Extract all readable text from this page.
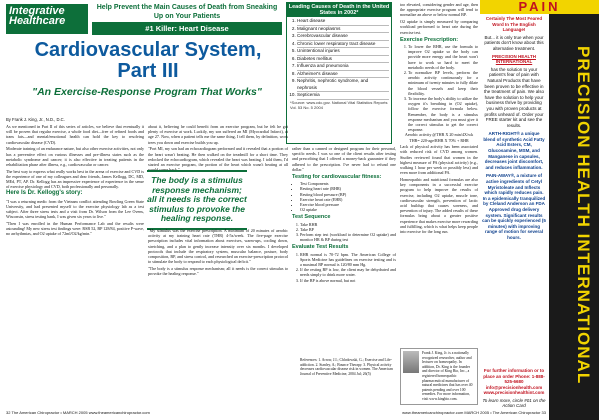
Integrative
Healthcare
Help Prevent the Main Causes of Death from Sneaking Up on Your Patients
#1 Killer: Heart Disease
Leading Causes of Death in the United States in 2002*
1. Heart disease
2. Malignant neoplasms
3. Cerebrovascular disease
4. Chronic lower respiratory tract disease
5. Unintentional injuries
6. Diabetes mellitus
7. Influenza and pneumonia
8. Alzheimer's disease
9. Nephritis, nephrotic syndrome, and nephrosis
10. Septicemia
*Source: www.cdc.gov. National Vital Statistics Reports Vol. 53 No. 5 2004
Cardiovascular System, Part III
"An Exercise-Response Program That Works"
By Frank J. King, Jr., N.D., D.C.

As we mentioned in Part II of this series of articles, we believe that eventually it will be proven that regular exercise, a whole food diet—free of refined foods and trans fats—and mental/emotional health can hold the key to resolving cardiovascular disease (CVD).

Moderate training of an endurance nature, but also other exercise activities, not only has a preventive effect on various illnesses and pre-illness states such as the metabolic syndrome and cancer; it is also effective in treating patients in the rehabilitation phase after illness, e.g., cardiovascular or cancer.

The best way to express what really works best in the arena of exercise and CVD is the experience of one of my colleagues and dear friends, James Kellogg, DC, MD, MEd, PT, AP. Dr. Kellogg has an impressive experience of experience in the sense of exercise physiology and CVD, both professionally and personally.

Here Is Dr. Kellogg's story:

"I was a returning medic from the Vietnam conflict attending Bowling Green State University, and had presented myself to the exercise physiology lab as a test subject. After three stress tests and a visit from Dr. Wilson from the Lee Ovens, Wisconsin, stress testing bank, I was given six years to live."

"Then I was enrolled in the Human Performance Lab and the results were astounding! My new stress test findings were: RSB 52, BP 128/84, positive P-wave, no arrhythmias, and O2 uptake of 72ml/O2/kg/min."

about it, believing he could benefit from an exercise program, but he felt he got plenty of exercise at work. Luckily, my son suffered an MI (Myocardial Infarct), at age 27. Now, when a patient tells me the same thing, I tell them, by definition, work trees you down and exercise builds you up.

"Port MI, my son had an echocardiogram performed and it revealed that a portion of the heart wasn't beating. He then walked on the treadmill for a short time. They redocked the echocardiogram, which revealed the heart was beating. I told them, I'd started an exercise program, the portion of the heart which wasn't beating at all would come back."

The body is a stimulus response mechanism; all it needs is the correct stimulus to provoke the healing response.

"My stimulus was the exercise prescription. A minimum of 20 minutes of aerobic activity at my training heart rate (THR) 4-5x/week. The five-page exercise prescription includes vital information about exercises, warm-ups, cooling down, stretching, and a plan to gently increase intensity over six months. I developed protocols that include the respiratory system, muscular balance, posture, body composition, BP, and stress control, and researched an exercise-prescription protocol to stimulate the body to respond to each physiological deficit."

"The body is a stimulus response mechanism; all it needs is the correct stimulus to provoke the healing response."

rather than a canned or designed program for their personal, specific needs. I was so one of the client results after testing and prescribing that I offered a money-back guarantee if they adhered to the prescription. I've never had to refund one dollar."

Testing for cardiovascular fitness:
• Test Components
• Resting heart rate (RHR)
• Resting blood pressure (BP)
• Exercise heart rate (EHR)
• Exercise blood pressure
• O2 uptake
Test Sequence
1. Take RHR
2. Take BP
3. Perform step test (workload to determine O2 uptake) and monitor HR & BP during test
Evaluate Test Results
1. RHR normal is 70-72 bpm. The American College of Sports Medicine has guidelines on exercise testing and is a maximal BP normal is 120/80 mm Hg.
2. If the resting BP is low, the client may be dehydrated and needs simply to drink more water.
3. If the BP is above normal, but not
References: 1. Arrow, J.I.; Chlodowski, G.; Exercise and Life-addiction. 2. Stanley, A.; Bounce Therapy. 3. Physical activity decreases cardiovascular disease risk in women. The American Journal of Preventive Medicine, 2004 Jul; 26(5)

too elevated, considering gender and age, then the appropriate exercise program will tend to normalize an above or below normal BP.

O2 uptake is simply measured by comparing workload performed to heart rate during the exercise test.

Exercise Prescription:
1. To lower the RHR, use the formula to improve O2 uptake so the body can provide more energy and the heart won't have to work so hard to meet the metabolic needs of the body.
2. To normalize BP levels, perform the aerobic activity continuously for a minimum of twenty minutes to fully dilate the blood vessels and keep their flexibility.
3. To increase the body's ability to utilize the oxygen it's breathing in (O2 uptake), follow the exercise formula below. Remember, the body is a stimulus response mechanism and you must give it the correct stimulus to get the correct response.

Aerobic activity @THR X 20 min/4X/wk THR= 220-age/RHR X 70% + RHR

Lack of physical activity has been associated with reduced risk of CVD among women. Studies reviewed found that women in the highest measure of PA (physical activity) (e.g., walking 1 hour per week or possibly less) and even more from additional PA.

Homeopathic and nutritional formulas are also key components in a successful exercise program to help improve the results of exercise, including O2 uptake, muscle tone, cardiovascular strength, prevention of lactic acid buildup that causes soreness, and prevention of injury. The added results of these formulas bring about a greater positive experience that makes exercise more rewarding and fulfilling, which is what helps keep people into exercise for the long run.

Frank J. King, Jr. is a nationally recognized researcher, author and lecturer on homeopathy. In addition, Dr. King is the founder and director of King Bio, Inc., a registered homeopathic pharmaceutical manufacturer of natural medicines that has over 40 patents pending and over 100 remedies. For more information, visit www.kingbio.com.
PAIN
Certainly The Most Feared Word In The English Language!
But... it is only true when your patients don't know about this alternative treatment.
PRECISION HEALTH INTERNATIONAL
has the solution to your patient's fear of pain with Natural Products that have been proven to be effective in the treatment of pain. We also have the solution to help your business thrive by providing you with proven products at profits unheard of. Order your FREE starter kit and see the results.
ARTH-RIGHT® a unique blend of synthetic Acid Fatty Acid Esters, CM, Glucosamine, MSM, and Manganese in capsules, decreases joint discomfort, and reduces inflammation.
PAIN-AWAY®, a mixture of active ingredients of Cetyl Myristoleate and Inflects which rapidly reduces pain. In a epidemically tranquilized by Cleland Anderson an FDA Approved drug delivery system. Significant results can be quickly experienced (5 minutes) with improving range of motion for several hours.
For further information or to place an order Phone: 1-888-525-6680 info@precisionhealth.com www.precisionhealthint.com
To learn more, circle #01 on the Action Card
PRECISION HEALTH INTERNATIONAL
32 The American Chiropractor • MARCH 2005 www.theamericanchiropractor.com	www.theamericanchiropractor.com MARCH 2005 • The American Chiropractor 33
